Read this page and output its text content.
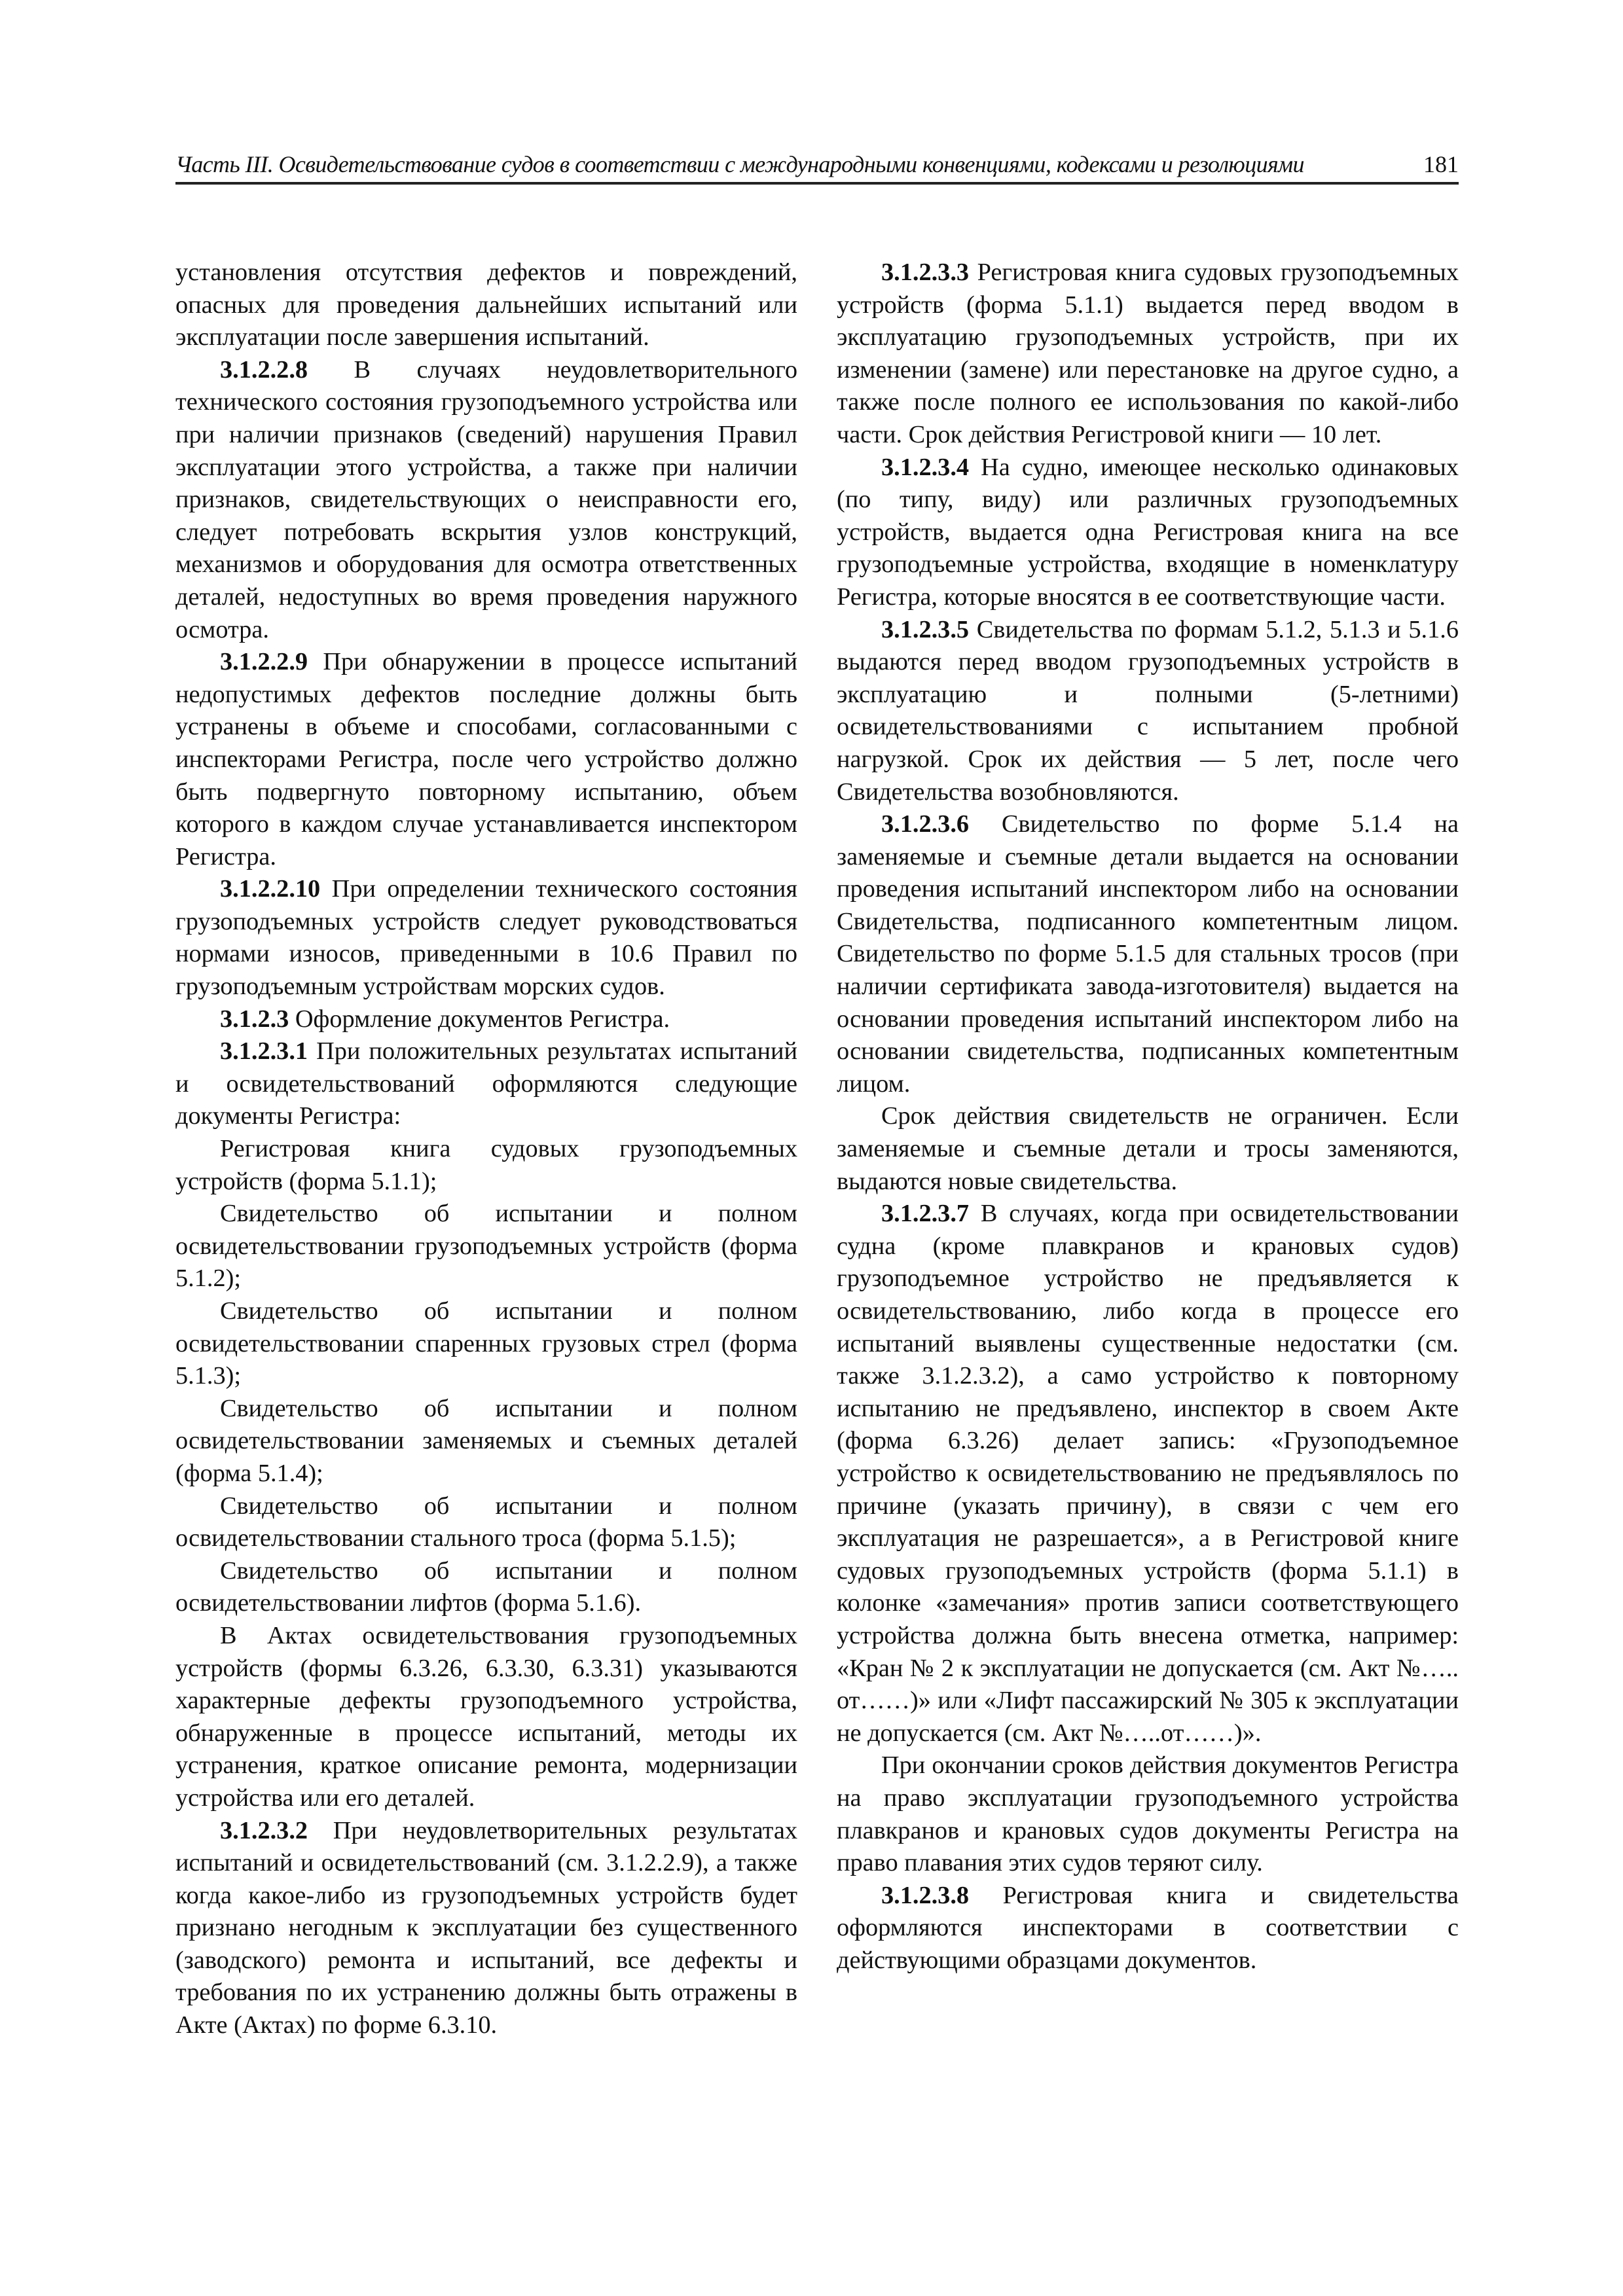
Часть III. Освидетельствование судов в соответствии с международными конвенциями, кодексами и резолюциями	181

установления отсутствия дефектов и повреждений, опасных для проведения дальнейших испытаний или эксплуатации после завершения испытаний.

3.1.2.2.8 В случаях неудовлетворительного технического состояния грузоподъемного устройства или при наличии признаков (сведений) нарушения Правил эксплуатации этого устройства, а также при наличии признаков, свидетельствующих о неисправности его, следует потребовать вскрытия узлов конструкций, механизмов и оборудования для осмотра ответственных деталей, недоступных во время проведения наружного осмотра.

3.1.2.2.9 При обнаружении в процессе испытаний недопустимых дефектов последние должны быть устранены в объеме и способами, согласованными с инспекторами Регистра, после чего устройство должно быть подвергнуто повторному испытанию, объем которого в каждом случае устанавливается инспектором Регистра.

3.1.2.2.10 При определении технического состояния грузоподъемных устройств следует руководствоваться нормами износов, приведенными в 10.6 Правил по грузоподъемным устройствам морских судов.

3.1.2.3 Оформление документов Регистра.

3.1.2.3.1 При положительных результатах испытаний и освидетельствований оформляются следующие документы Регистра:

Регистровая книга судовых грузоподъемных устройств (форма 5.1.1);

Свидетельство об испытании и полном освидетельствовании грузоподъемных устройств (форма 5.1.2);

Свидетельство об испытании и полном освидетельствовании спаренных грузовых стрел (форма 5.1.3);

Свидетельство об испытании и полном освидетельствовании заменяемых и съемных деталей (форма 5.1.4);

Свидетельство об испытании и полном освидетельствовании стального троса (форма 5.1.5);

Свидетельство об испытании и полном освидетельствовании лифтов (форма 5.1.6).

В Актах освидетельствования грузоподъемных устройств (формы 6.3.26, 6.3.30, 6.3.31) указываются характерные дефекты грузоподъемного устройства, обнаруженные в процессе испытаний, методы их устранения, краткое описание ремонта, модернизации устройства или его деталей.

3.1.2.3.2 При неудовлетворительных результатах испытаний и освидетельствований (см. 3.1.2.2.9), а также когда какое-либо из грузоподъемных устройств будет признано негодным к эксплуатации без существенного (заводского) ремонта и испытаний, все дефекты и требования по их устранению должны быть отражены в Акте (Актах) по форме 6.3.10.

3.1.2.3.3 Регистровая книга судовых грузоподъемных устройств (форма 5.1.1) выдается перед вводом в эксплуатацию грузоподъемных устройств, при их изменении (замене) или перестановке на другое судно, а также после полного ее использования по какой-либо части. Срок действия Регистровой книги — 10 лет.

3.1.2.3.4 На судно, имеющее несколько одинаковых (по типу, виду) или различных грузоподъемных устройств, выдается одна Регистровая книга на все грузоподъемные устройства, входящие в номенклатуру Регистра, которые вносятся в ее соответствующие части.

3.1.2.3.5 Свидетельства по формам 5.1.2, 5.1.3 и 5.1.6 выдаются перед вводом грузоподъемных устройств в эксплуатацию и полными (5-летними) освидетельствованиями с испытанием пробной нагрузкой. Срок их действия — 5 лет, после чего Свидетельства возобновляются.

3.1.2.3.6 Свидетельство по форме 5.1.4 на заменяемые и съемные детали выдается на основании проведения испытаний инспектором либо на основании Свидетельства, подписанного компетентным лицом. Свидетельство по форме 5.1.5 для стальных тросов (при наличии сертификата завода-изготовителя) выдается на основании проведения испытаний инспектором либо на основании свидетельства, подписанных компетентным лицом.

Срок действия свидетельств не ограничен. Если заменяемые и съемные детали и тросы заменяются, выдаются новые свидетельства.

3.1.2.3.7 В случаях, когда при освидетельствовании судна (кроме плавкранов и крановых судов) грузоподъемное устройство не предъявляется к освидетельствованию, либо когда в процессе его испытаний выявлены существенные недостатки (см. также 3.1.2.3.2), а само устройство к повторному испытанию не предъявлено, инспектор в своем Акте (форма 6.3.26) делает запись: «Грузоподъемное устройство к освидетельствованию не предъявлялось по причине (указать причину), в связи с чем его эксплуатация не разрешается», а в Регистровой книге судовых грузоподъемных устройств (форма 5.1.1) в колонке «замечания» против записи соответствующего устройства должна быть внесена отметка, например: «Кран № 2 к эксплуатации не допускается (см. Акт №….. от……)» или «Лифт пассажирский № 305 к эксплуатации не допускается (см. Акт №…..от……)».

При окончании сроков действия документов Регистра на право эксплуатации грузоподъемного устройства плавкранов и крановых судов документы Регистра на право плавания этих судов теряют силу.

3.1.2.3.8 Регистровая книга и свидетельства оформляются инспекторами в соответствии с действующими образцами документов.
